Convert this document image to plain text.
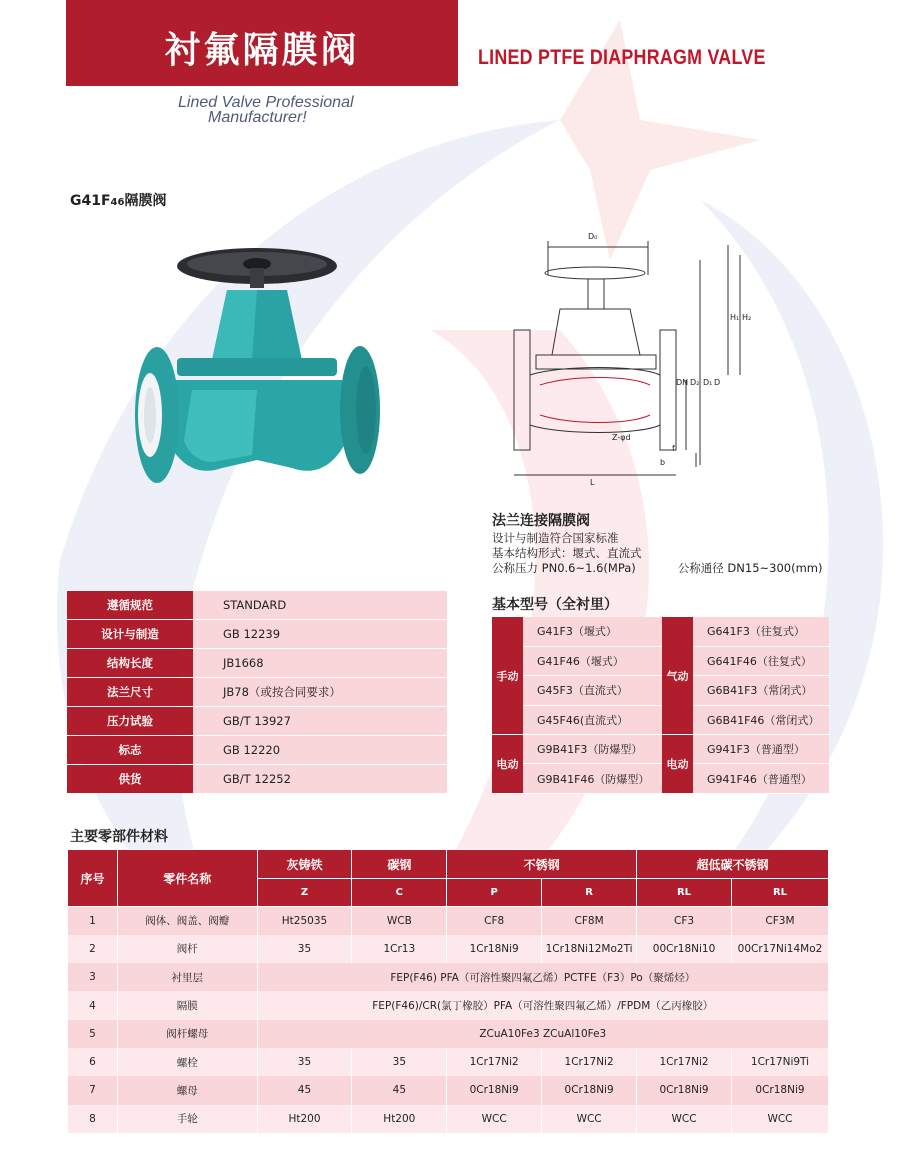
衬氟隔膜阀	LINED PTFE DIAPHRAGM VALVE
Lined Valve Professional
Manufacturer!
G41F46隔膜阀
D₀
H₁ H₂
DN D₂ D₁ D
Z-φd
b
f
L
法兰连接隔膜阀
设计与制造符合国家标准
基本结构形式：堰式、直流式
公称压力 PN0.6~1.6(MPa)	公称通径 DN15~300(mm)
基本型号（全衬里）
遵循规范	STANDARD
设计与制造	GB 12239
结构长度	JB1668
法兰尺寸	JB78（或按合同要求）
压力试验	GB/T 13927
标志	GB 12220
供货	GB/T 12252
手动	G41F3（堰式）	气动	G641F3（往复式）
	G41F46（堰式）		G641F46（往复式）
	G45F3（直流式）		G6B41F3（常闭式）
	G45F46(直流式）		G6B41F46（常闭式）
电动	G9B41F3（防爆型）	电动	G941F3（普通型）
	G9B41F46（防爆型）		G941F46（普通型）
主要零部件材料
序号	零件名称	灰铸铁	碳钢	不锈钢		超低碳不锈钢	
		Z	C	P	R	RL	RL
1	阀体、阀盖、阀瓣	Ht25035	WCB	CF8	CF8M	CF3	CF3M
2	阀杆	35	1Cr13	1Cr18Ni9	1Cr18Ni12Mo2Ti	00Cr18Ni10	00Cr17Ni14Mo2
3	衬里层	FEP(F46) PFA（可溶性聚四氟乙烯）PCTFE（F3）Po（聚烯烃）					
4	隔膜	FEP(F46)/CR(氯丁橡胶）PFA（可溶性聚四氟乙烯）/FPDM（乙丙橡胶）					
5	阀杆螺母	ZCuA10Fe3 ZCuAl10Fe3					
6	螺栓	35	35	1Cr17Ni2	1Cr17Ni2	1Cr17Ni2	1Cr17Ni9Ti
7	螺母	45	45	0Cr18Ni9	0Cr18Ni9	0Cr18Ni9	0Cr18Ni9
8	手轮	Ht200	Ht200	WCC	WCC	WCC	WCC
